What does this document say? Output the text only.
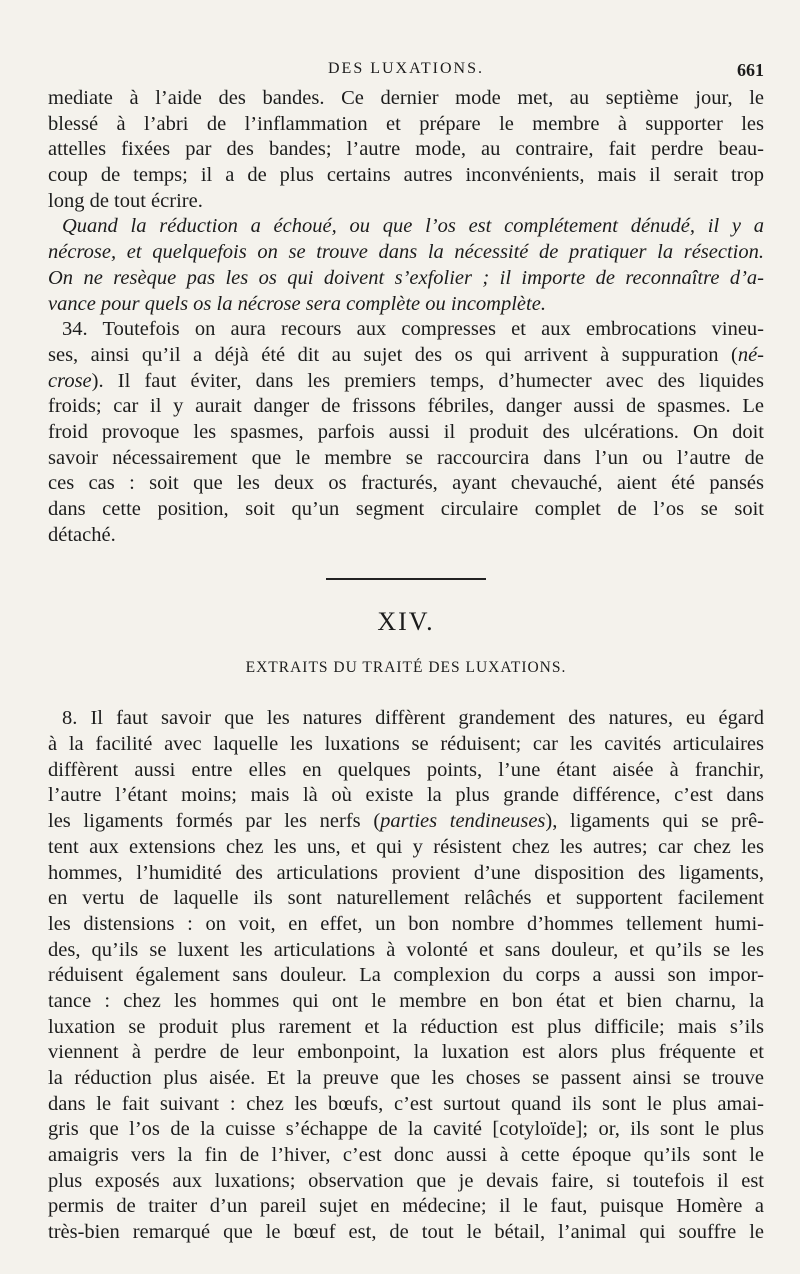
DES LUXATIONS.	661

mediate à l’aide des bandes. Ce dernier mode met, au septième jour, le

blessé à l’abri de l’inflammation et prépare le membre à supporter les

attelles fixées par des bandes; l’autre mode, au contraire, fait perdre beau-

coup de temps; il a de plus certains autres inconvénients, mais il serait trop

long de tout écrire.

Quand la réduction a échoué, ou que l’os est complétement dénudé, il y a

nécrose, et quelquefois on se trouve dans la nécessité de pratiquer la résection.

On ne resèque pas les os qui doivent s’exfolier ; il importe de reconnaître d’a-

vance pour quels os la nécrose sera complète ou incomplète.

34. Toutefois on aura recours aux compresses et aux embrocations vineu-

ses, ainsi qu’il a déjà été dit au sujet des os qui arrivent à suppuration (né-

crose). Il faut éviter, dans les premiers temps, d’humecter avec des liquides

froids; car il y aurait danger de frissons fébriles, danger aussi de spasmes. Le

froid provoque les spasmes, parfois aussi il produit des ulcérations. On doit

savoir nécessairement que le membre se raccourcira dans l’un ou l’autre de

ces cas : soit que les deux os fracturés, ayant chevauché, aient été pansés

dans cette position, soit qu’un segment circulaire complet de l’os se soit

détaché.

XIV.
EXTRAITS DU TRAITÉ DES LUXATIONS.

8. Il faut savoir que les natures diffèrent grandement des natures, eu égard

à la facilité avec laquelle les luxations se réduisent; car les cavités articulaires

diffèrent aussi entre elles en quelques points, l’une étant aisée à franchir,

l’autre l’étant moins; mais là où existe la plus grande différence, c’est dans

les ligaments formés par les nerfs (parties tendineuses), ligaments qui se prê-

tent aux extensions chez les uns, et qui y résistent chez les autres; car chez les

hommes, l’humidité des articulations provient d’une disposition des ligaments,

en vertu de laquelle ils sont naturellement relâchés et supportent facilement

les distensions : on voit, en effet, un bon nombre d’hommes tellement humi-

des, qu’ils se luxent les articulations à volonté et sans douleur, et qu’ils se les

réduisent également sans douleur. La complexion du corps a aussi son impor-

tance : chez les hommes qui ont le membre en bon état et bien charnu, la

luxation se produit plus rarement et la réduction est plus difficile; mais s’ils

viennent à perdre de leur embonpoint, la luxation est alors plus fréquente et

la réduction plus aisée. Et la preuve que les choses se passent ainsi se trouve

dans le fait suivant : chez les bœufs, c’est surtout quand ils sont le plus amai-

gris que l’os de la cuisse s’échappe de la cavité [cotyloïde]; or, ils sont le plus

amaigris vers la fin de l’hiver, c’est donc aussi à cette époque qu’ils sont le

plus exposés aux luxations; observation que je devais faire, si toutefois il est

permis de traiter d’un pareil sujet en médecine; il le faut, puisque Homère a

très-bien remarqué que le bœuf est, de tout le bétail, l’animal qui souffre le
